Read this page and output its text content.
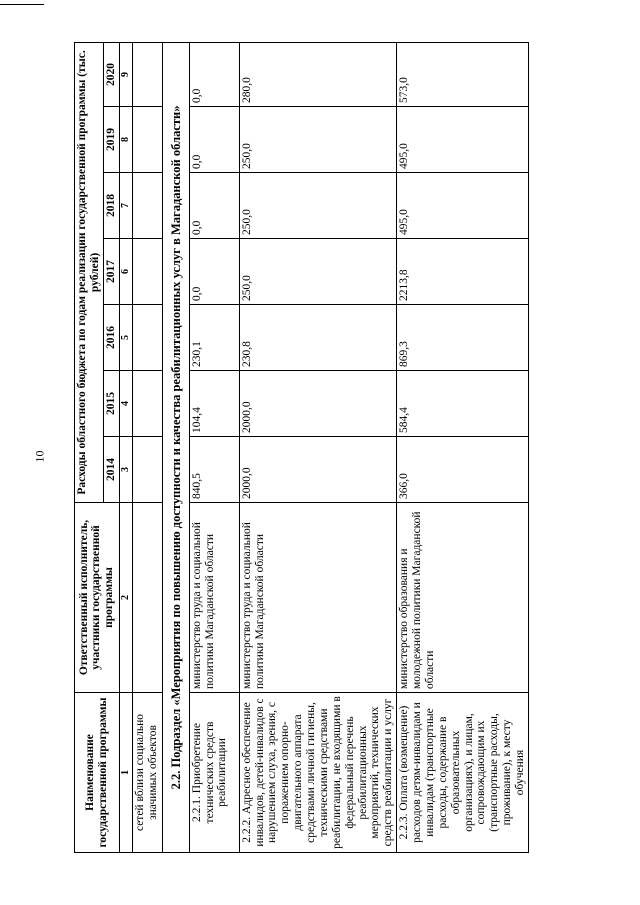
10
Наименование государственной программы	Ответственный исполнитель, участники государственной программы	Расходы областного бюджета по годам реализации государственной программы (тыс. рублей)						
		2014	2015	2016	2017	2018	2019	2020
1	2	3	4	5	6	7	8	9
сетей вблизи социально значимых объектов								
2.2. Подраздел «Мероприятия по повышению доступности и качества реабилитационных услуг в Магаданской области»								
2.2.1. Приобретение технических средств реабилитации	министерство труда и социальной политики Магаданской области	840,5	104,4	230,1	0,0	0,0	0,0	0,0
2.2.2. Адресное обеспечение инвалидов, детей-инвалидов с нарушением слуха, зрения, с поражением опорно-двигательного аппарата средствами личной гигиены, техническими средствами реабилитации, не входящими в федеральный перечень реабилитационных мероприятий, технических средств реабилитации и услуг	министерство труда и социальной политики Магаданской области	2000,0	2000,0	230,8	250,0	250,0	250,0	280,0
2.2.3. Оплата (возмещение) расходов детям-инвалидам и инвалидам (транспортные расходы, содержание в образовательных организациях), и лицам, сопровождающим их (транспортные расходы, проживание), к месту обучения	министерство образования и молодежной политики Магаданской области	366,0	584,4	869,3	2213,8	495,0	495,0	573,0
